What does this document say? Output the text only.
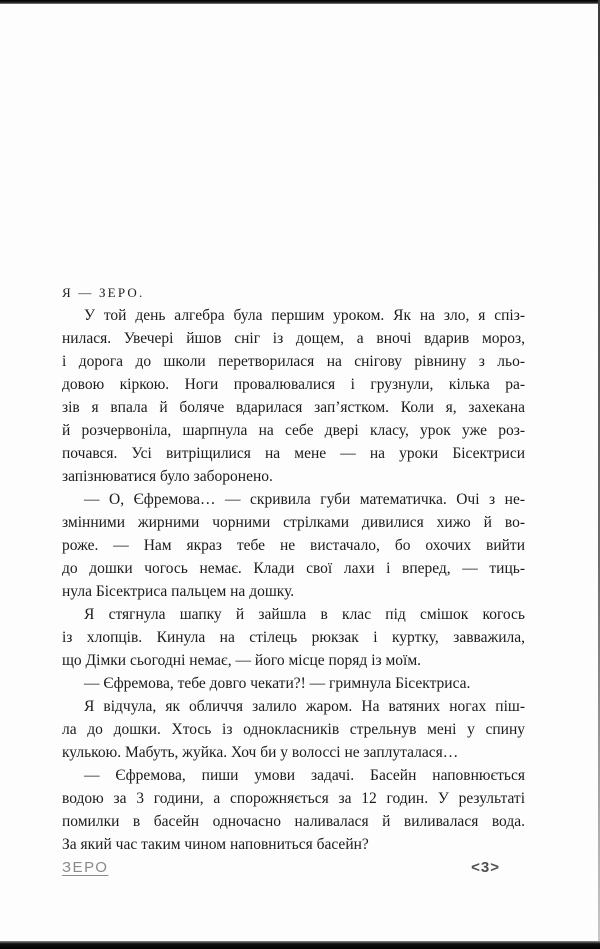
Я — ЗЕРО.
У той день алгебра була першим уроком. Як на зло, я спіз-
нилася. Увечері йшов сніг із дощем, а вночі вдарив мороз,
і дорога до школи перетворилася на снігову рівнину з льо-
довою кіркою. Ноги провалювалися і грузнули, кілька ра-
зів я впала й боляче вдарилася зап’ястком. Коли я, захекана
й розчервоніла, шарпнула на себе двері класу, урок уже роз-
почався. Усі витріщилися на мене — на уроки Бісектриси
запізнюватися було заборонено.
— О, Єфремова… — скривила губи математичка. Очі з не-
змінними жирними чорними стрілками дивилися хижо й во-
роже. — Нам якраз тебе не вистачало, бо охочих вийти
до дошки чогось немає. Клади свої лахи і вперед, — тиць-
нула Бісектриса пальцем на дошку.
Я стягнула шапку й зайшла в клас під смішок когось
із хлопців. Кинула на стілець рюкзак і куртку, завважила,
що Дімки сьогодні немає, — його місце поряд із моїм.
— Єфремова, тебе довго чекати?! — гримнула Бісектриса.
Я відчула, як обличчя залило жаром. На ватяних ногах піш-
ла до дошки. Хтось із однокласників стрельнув мені у спину
кулькою. Мабуть, жуйка. Хоч би у волоссі не заплуталася…
— Єфремова, пиши умови задачі. Басейн наповнюється
водою за 3 години, а спорожняється за 12 годин. У результаті
помилки в басейн одночасно наливалася й виливалася вода.
За який час таким чином наповниться басейн?
ЗЕРО	<3>
